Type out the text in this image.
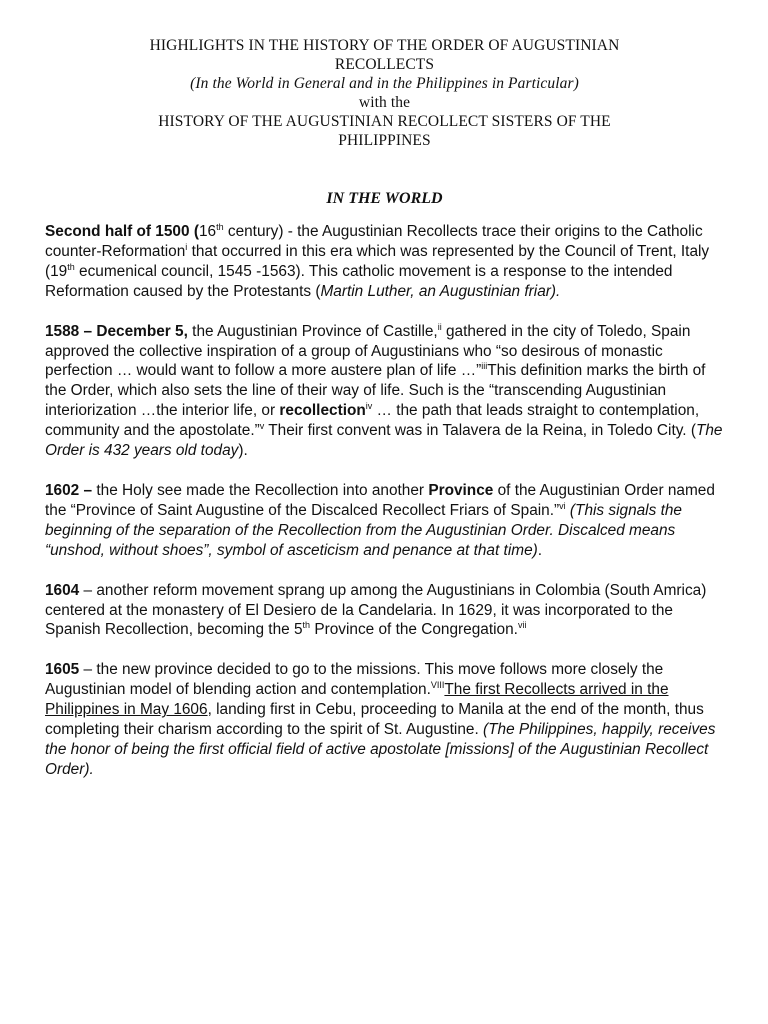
HIGHLIGHTS IN THE HISTORY OF THE ORDER OF AUGUSTINIAN
RECOLLECTS
(In the World in General and in the Philippines in Particular)
with the
HISTORY OF THE AUGUSTINIAN RECOLLECT SISTERS OF THE
PHILIPPINES
IN THE WORLD

Second half of 1500 (16th century) - the Augustinian Recollects trace their origins to the Catholic counter-Reformation$^i$ that occurred in this era which was represented by the Council of Trent, Italy (19th ecumenical council, 1545 -1563). This catholic movement is a response to the intended Reformation caused by the Protestants (Martin Luther, an Augustinian friar).

1588 – December 5, the Augustinian Province of Castille,$^{ii}$ gathered in the city of Toledo, Spain approved the collective inspiration of a group of Augustinians who “so desirous of monastic perfection … would want to follow a more austere plan of life …”$^{iii}$This definition marks the birth of the Order, which also sets the line of their way of life. Such is the “transcending Augustinian interiorization …the interior life, or recollection$^{iv}$ … the path that leads straight to contemplation, community and the apostolate.”$^v$ Their first convent was in Talavera de la Reina, in Toledo City. (The Order is 432 years old today).

1602 – the Holy see made the Recollection into another Province of the Augustinian Order named the “Province of Saint Augustine of the Discalced Recollect Friars of Spain.”$^{vi}$ (This signals the beginning of the separation of the Recollection from the Augustinian Order. Discalced means “unshod, without shoes”, symbol of asceticism and penance at that time).

1604 – another reform movement sprang up among the Augustinians in Colombia (South Amrica) centered at the monastery of El Desiero de la Candelaria. In 1629, it was incorporated to the Spanish Recollection, becoming the 5th Province of the Congregation.$^{vii}$

1605 – the new province decided to go to the missions. This move follows more closely the Augustinian model of blending action and contemplation.$^{VIII}$The first Recollects arrived in the Philippines in May 1606, landing first in Cebu, proceeding to Manila at the end of the month, thus completing their charism according to the spirit of St. Augustine. (The Philippines, happily, receives the honor of being the first official field of active apostolate [missions] of the Augustinian Recollect Order).
